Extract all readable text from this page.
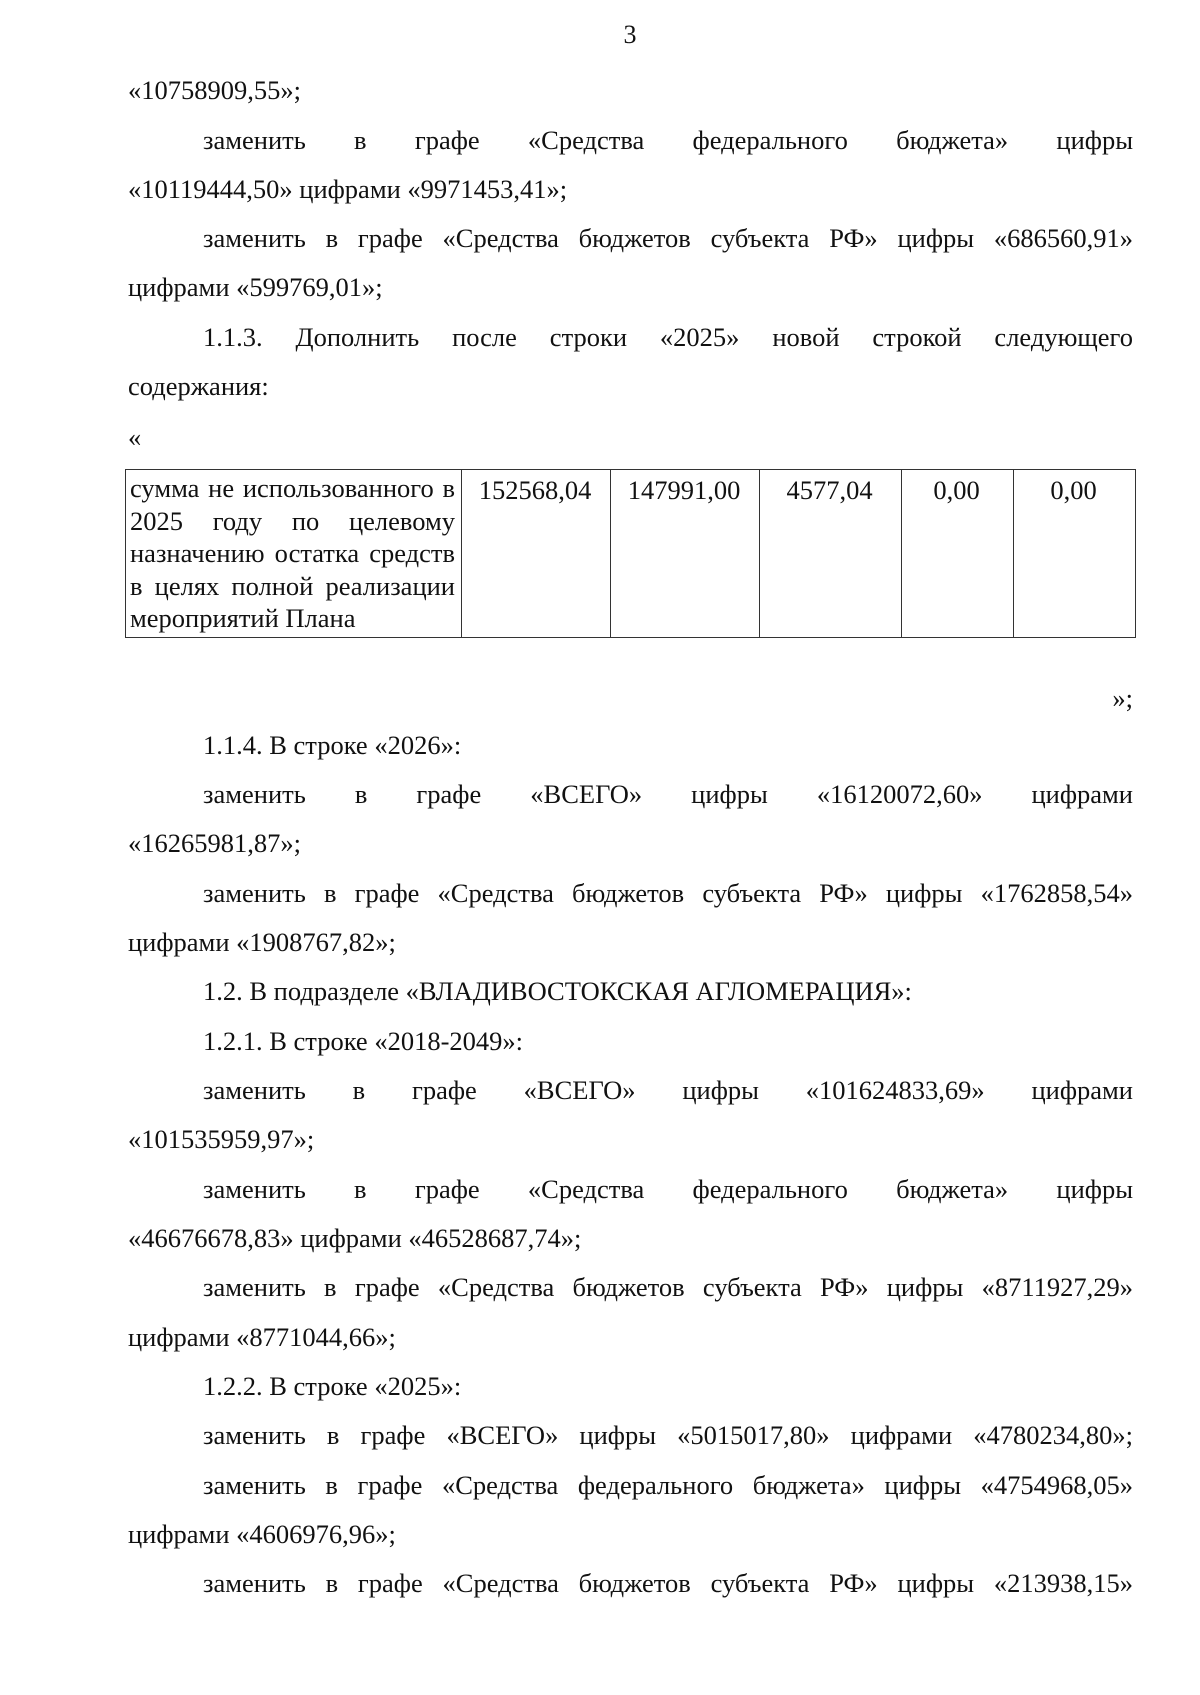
3
«10758909,55»;
заменить в графе «Средства федерального бюджета» цифры
«10119444,50» цифрами «9971453,41»;
заменить в графе «Средства бюджетов субъекта РФ» цифры «686560,91»
цифрами «599769,01»;
1.1.3. Дополнить после строки «2025» новой строкой следующего
содержания:
«
сумма не использованного в 2025 году по целевому назначению остатка средств в целях полной реализации мероприятий Плана	152568,04	147991,00	4577,04	0,00	0,00
»;
1.1.4. В строке «2026»:
заменить в графе «ВСЕГО» цифры «16120072,60» цифрами
«16265981,87»;
заменить в графе «Средства бюджетов субъекта РФ» цифры «1762858,54»
цифрами «1908767,82»;
1.2. В подразделе «ВЛАДИВОСТОКСКАЯ АГЛОМЕРАЦИЯ»:
1.2.1. В строке «2018-2049»:
заменить в графе «ВСЕГО» цифры «101624833,69» цифрами
«101535959,97»;
заменить в графе «Средства федерального бюджета» цифры
«46676678,83» цифрами «46528687,74»;
заменить в графе «Средства бюджетов субъекта РФ» цифры «8711927,29»
цифрами «8771044,66»;
1.2.2. В строке «2025»:
заменить в графе «ВСЕГО» цифры «5015017,80» цифрами «4780234,80»;
заменить в графе «Средства федерального бюджета» цифры «4754968,05»
цифрами «4606976,96»;
заменить в графе «Средства бюджетов субъекта РФ» цифры «213938,15»
